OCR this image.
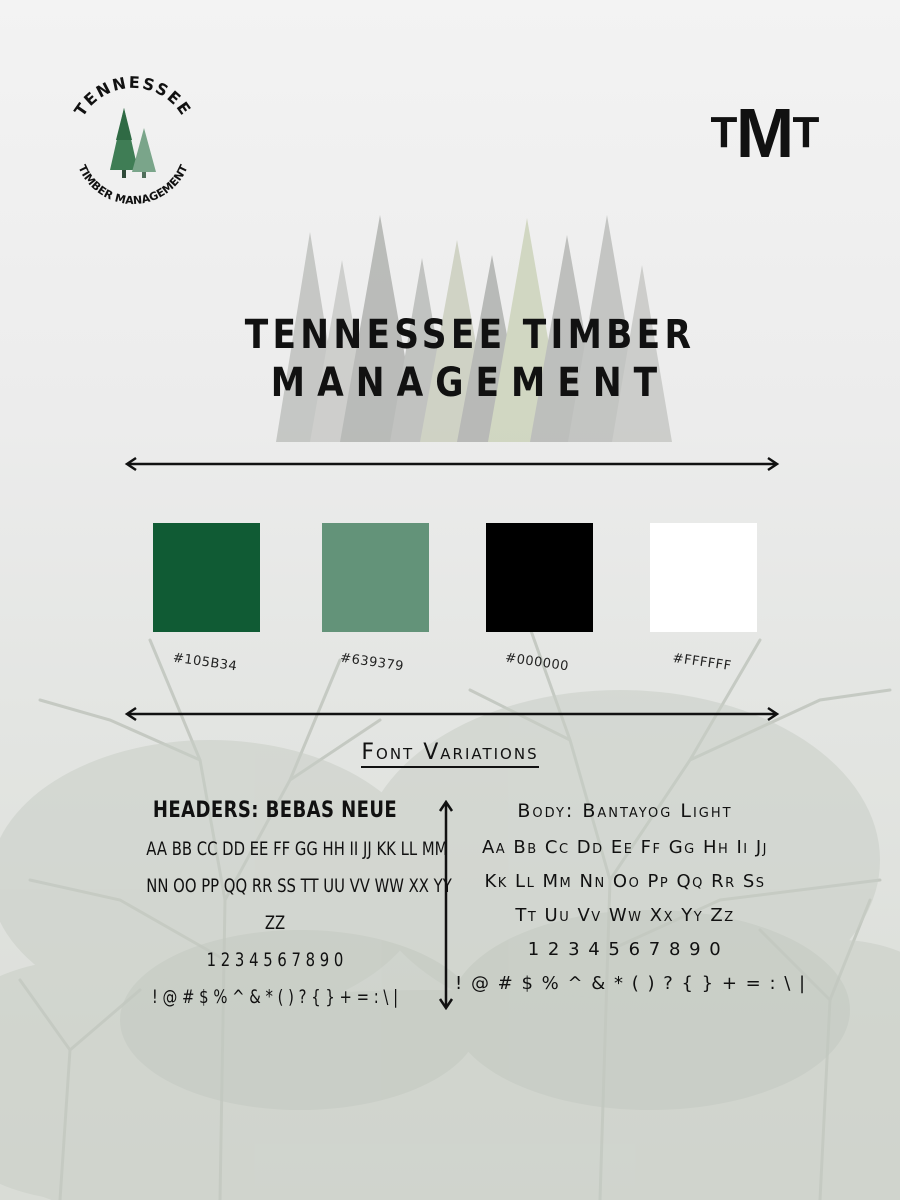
TENNESSEE
TIMBER MANAGEMENT
T
M
T
TENNESSEE TIMBER
MANAGEMENT
#105B34	#639379	#000000	#FFFFFF
Font Variations
HEADERS: BEBAS NEUE
AA BB CC DD EE FF GG HH II JJ KK LL MM
NN OO PP QQ RR SS TT UU VV WW XX YY
ZZ
1 2 3 4 5 6 7 8 9 0
! @ # $ % ^ & * ( ) ? { } + = : \ |
Body: Bantayog Light
Aa Bb Cc Dd Ee Ff Gg Hh Ii Jj
Kk Ll Mm Nn Oo Pp Qq Rr Ss
Tt Uu Vv Ww Xx Yy Zz
1 2 3 4 5 6 7 8 9 0
! @ # $ % ^ & * ( ) ? { } + = : \ |
